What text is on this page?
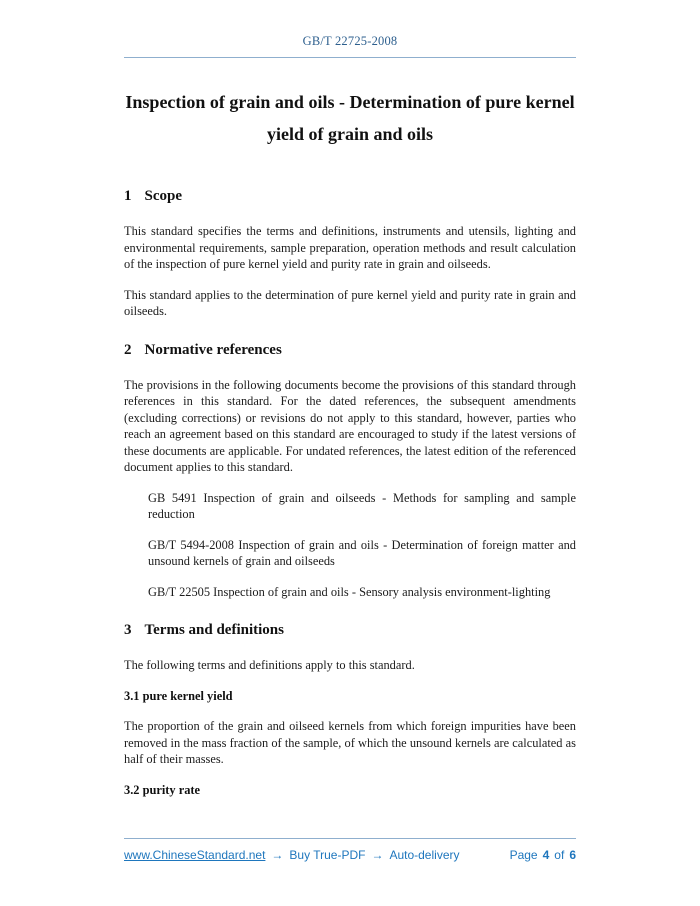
GB/T 22725-2008
Inspection of grain and oils - Determination of pure kernel
yield of grain and oils
1 Scope

This standard specifies the terms and definitions, instruments and utensils, lighting and environmental requirements, sample preparation, operation methods and result calculation of the inspection of pure kernel yield and purity rate in grain and oilseeds.

This standard applies to the determination of pure kernel yield and purity rate in grain and oilseeds.

2 Normative references

The provisions in the following documents become the provisions of this standard through references in this standard. For the dated references, the subsequent amendments (excluding corrections) or revisions do not apply to this standard, however, parties who reach an agreement based on this standard are encouraged to study if the latest versions of these documents are applicable. For undated references, the latest edition of the referenced document applies to this standard.

GB 5491 Inspection of grain and oilseeds - Methods for sampling and sample reduction

GB/T 5494-2008 Inspection of grain and oils - Determination of foreign matter and unsound kernels of grain and oilseeds

GB/T 22505 Inspection of grain and oils - Sensory analysis environment-lighting

3 Terms and definitions

The following terms and definitions apply to this standard.

3.1 pure kernel yield

The proportion of the grain and oilseed kernels from which foreign impurities have been removed in the mass fraction of the sample, of which the unsound kernels are calculated as half of their masses.

3.2 purity rate

www.ChineseStandard.net → Buy True-PDF → Auto-delivery	Page 4 of 6
